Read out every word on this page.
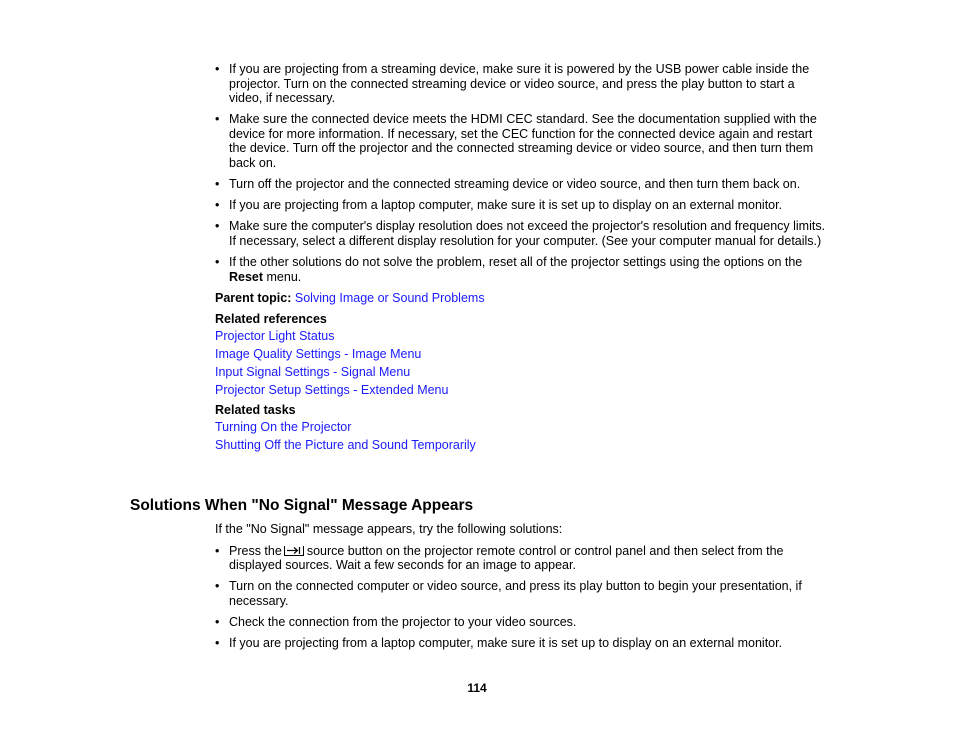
• If you are projecting from a streaming device, make sure it is powered by the USB power cable inside the projector. Turn on the connected streaming device or video source, and press the play button to start a video, if necessary.
• Make sure the connected device meets the HDMI CEC standard. See the documentation supplied with the device for more information. If necessary, set the CEC function for the connected device again and restart the device. Turn off the projector and the connected streaming device or video source, and then turn them back on.
• Turn off the projector and the connected streaming device or video source, and then turn them back on.
• If you are projecting from a laptop computer, make sure it is set up to display on an external monitor.
• Make sure the computer's display resolution does not exceed the projector's resolution and frequency limits. If necessary, select a different display resolution for your computer. (See your computer manual for details.)
• If the other solutions do not solve the problem, reset all of the projector settings using the options on the Reset menu.
Parent topic: Solving Image or Sound Problems
Related references
Projector Light Status
Image Quality Settings - Image Menu
Input Signal Settings - Signal Menu
Projector Setup Settings - Extended Menu
Related tasks
Turning On the Projector
Shutting Off the Picture and Sound Temporarily
Solutions When "No Signal" Message Appears
If the "No Signal" message appears, try the following solutions:
• Press the source button on the projector remote control or control panel and then select from the displayed sources. Wait a few seconds for an image to appear.
• Turn on the connected computer or video source, and press its play button to begin your presentation, if necessary.
• Check the connection from the projector to your video sources.
• If you are projecting from a laptop computer, make sure it is set up to display on an external monitor.
114
